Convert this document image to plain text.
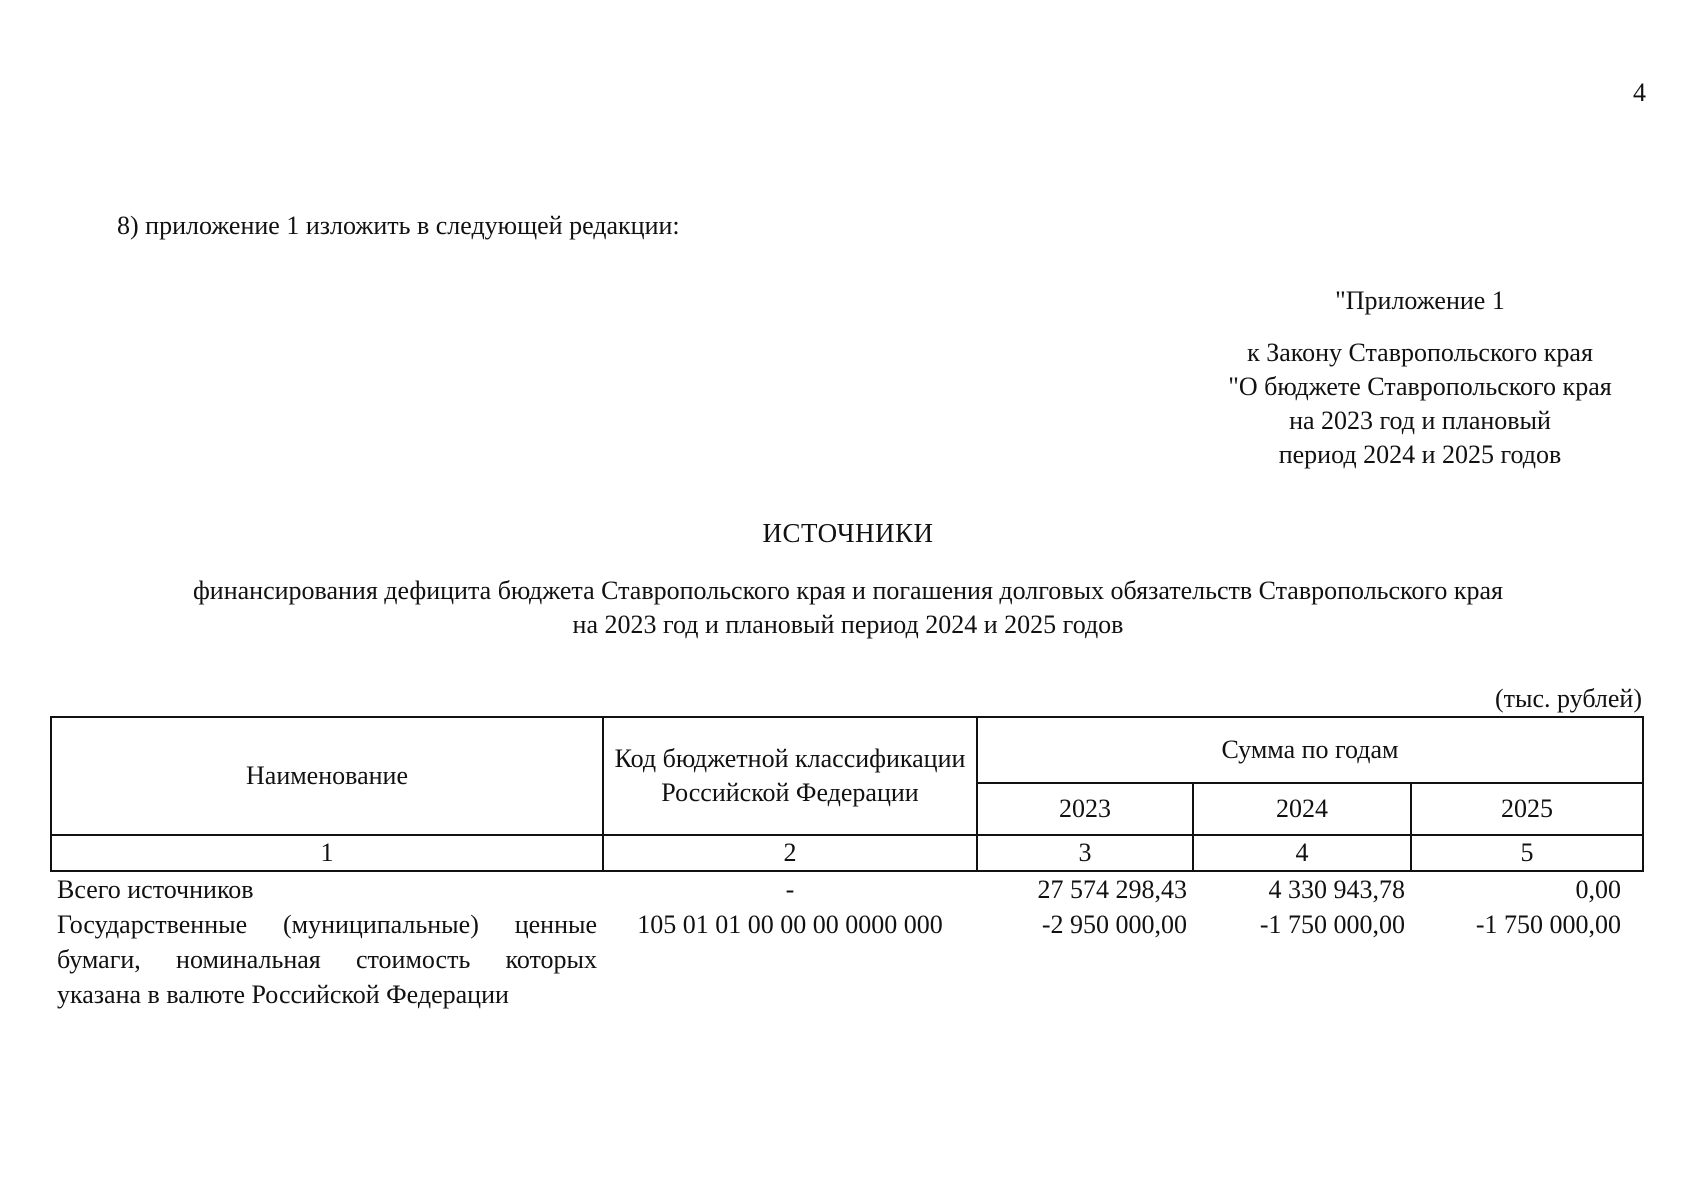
4
8) приложение 1 изложить в следующей редакции:
"Приложение 1
к Закону Ставропольского края
"О бюджете Ставропольского края
на 2023 год и плановый
период 2024 и 2025 годов
ИСТОЧНИКИ
финансирования дефицита бюджета Ставропольского края и погашения долговых обязательств Ставропольского края
на 2023 год и плановый период 2024 и 2025 годов
(тыс. рублей)
Наименование	Код бюджетной классификации Российской Федерации	Сумма по годам		
		2023	2024	2025
1	2	3	4	5
Всего источников	-	27 574 298,43	4 330 943,78	0,00
Государственные (муниципальные) ценные бумаги, номинальная стоимость которых указана в валюте Российской Федерации	105 01 01 00 00 00 0000 000	-2 950 000,00	-1 750 000,00	-1 750 000,00
